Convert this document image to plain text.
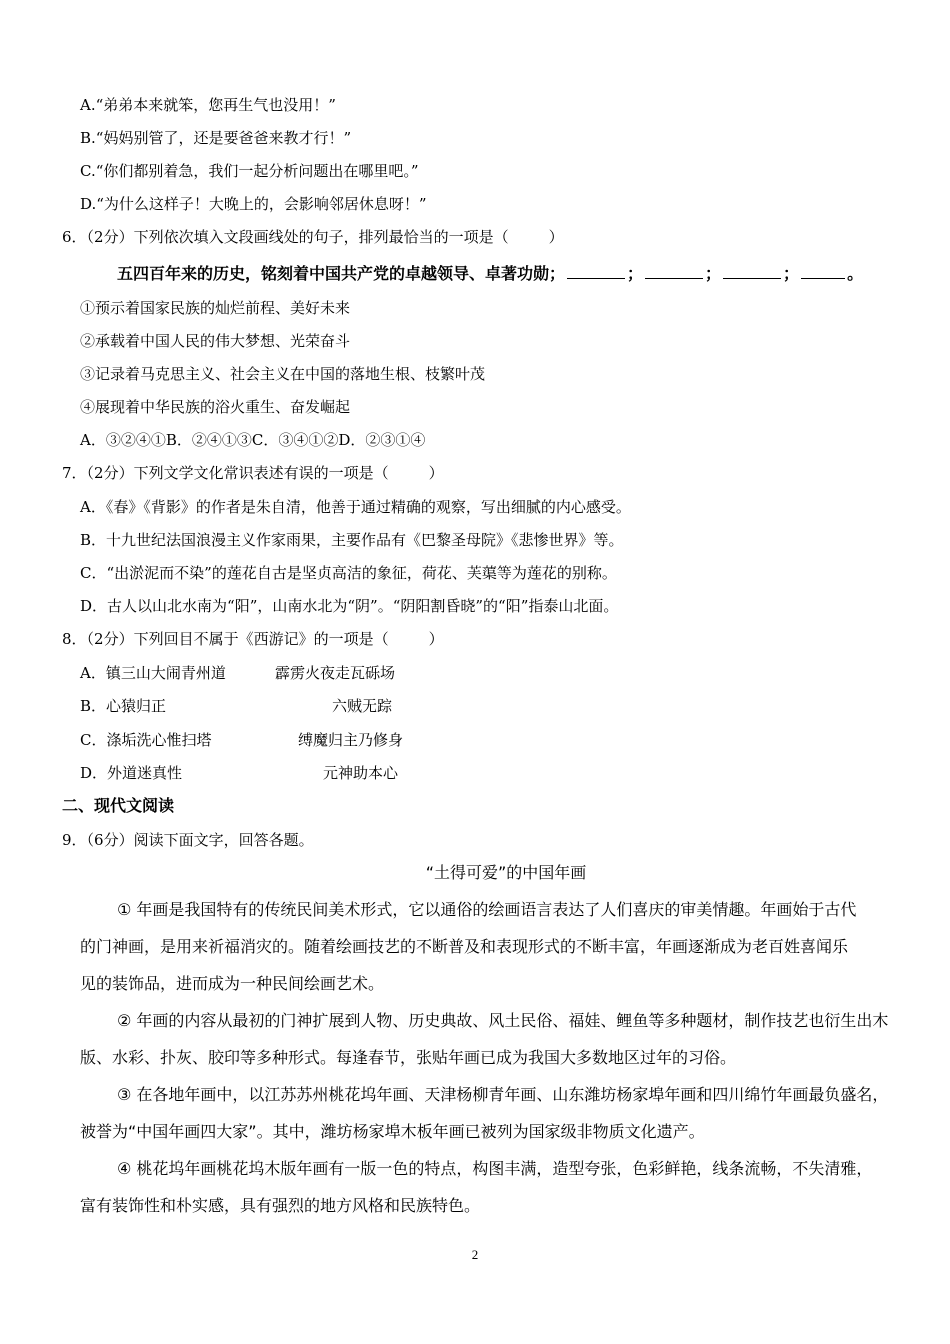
A.“弟弟本来就笨，您再生气也没用！”
B.“妈妈别管了，还是要爸爸来教才行！”
C.“你们都别着急，我们一起分析问题出在哪里吧。”
D.“为什么这样子！大晚上的，会影响邻居休息呀！”
6．（2分）下列依次填入文段画线处的句子，排列最恰当的一项是（	）
五四百年来的历史，铭刻着中国共产党的卓越领导、卓著功勋；	；	；	；	。
①预示着国家民族的灿烂前程、美好未来
②承载着中国人民的伟大梦想、光荣奋斗
③记录着马克思主义、社会主义在中国的落地生根、枝繁叶茂
④展现着中华民族的浴火重生、奋发崛起
A．③②④①B．②④①③C．③④①②D．②③①④
7．（2分）下列文学文化常识表述有误的一项是（	）
A．《春》《背影》的作者是朱自清，他善于通过精确的观察，写出细腻的内心感受。
B．十九世纪法国浪漫主义作家雨果，主要作品有《巴黎圣母院》《悲惨世界》等。
C．“出淤泥而不染”的莲花自古是坚贞高洁的象征，荷花、芙蕖等为莲花的别称。
D．古人以山北水南为“阳”，山南水北为“阴”。“阴阳割昏晓”的“阳”指泰山北面。
8．（2分）下列回目不属于《西游记》的一项是（	）
A．镇三山大闹青州道	霹雳火夜走瓦砾场
B．心猿归正	六贼无踪
C．涤垢洗心惟扫塔	缚魔归主乃修身
D．外道迷真性	元神助本心
二、现代文阅读
9．（6分）阅读下面文字，回答各题。
“土得可爱”的中国年画
① 年画是我国特有的传统民间美术形式，它以通俗的绘画语言表达了人们喜庆的审美情趣。年画始于古代
的门神画，是用来祈福消灾的。随着绘画技艺的不断普及和表现形式的不断丰富，年画逐渐成为老百姓喜闻乐
见的装饰品，进而成为一种民间绘画艺术。
② 年画的内容从最初的门神扩展到人物、历史典故、风土民俗、福娃、鲤鱼等多种题材，制作技艺也衍生出木
版、水彩、扑灰、胶印等多种形式。每逢春节，张贴年画已成为我国大多数地区过年的习俗。
③ 在各地年画中，以江苏苏州桃花坞年画、天津杨柳青年画、山东潍坊杨家埠年画和四川绵竹年画最负盛名，
被誉为“中国年画四大家”。其中，潍坊杨家埠木板年画已被列为国家级非物质文化遗产。
④ 桃花坞年画桃花坞木版年画有一版一色的特点，构图丰满，造型夸张，色彩鲜艳，线条流畅，不失清雅，
富有装饰性和朴实感，具有强烈的地方风格和民族特色。
2
